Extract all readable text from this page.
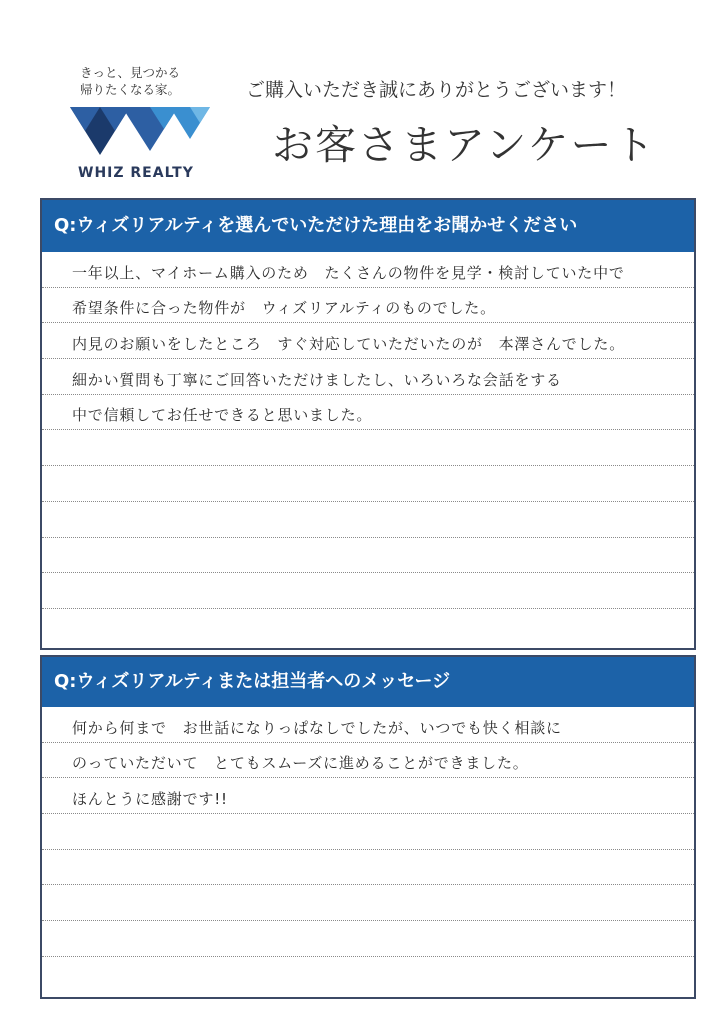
きっと、見つかる
帰りたくなる家。
WHIZ REALTY
ご購入いただき誠にありがとうございます！
お客さまアンケート
Q:ウィズリアルティを選んでいただけた理由をお聞かせください
一年以上、マイホーム購入のため　たくさんの物件を見学・検討していた中で
希望条件に合った物件が　ウィズリアルティのものでした。
内見のお願いをしたところ　すぐ対応していただいたのが　本澤さんでした。
細かい質問も丁寧にご回答いただけましたし、いろいろな会話をする
中で信頼してお任せできると思いました。
Q:ウィズリアルティまたは担当者へのメッセージ
何から何まで　お世話になりっぱなしでしたが、いつでも快く相談に
のっていただいて　とてもスムーズに進めることができました。
ほんとうに感謝です!!
